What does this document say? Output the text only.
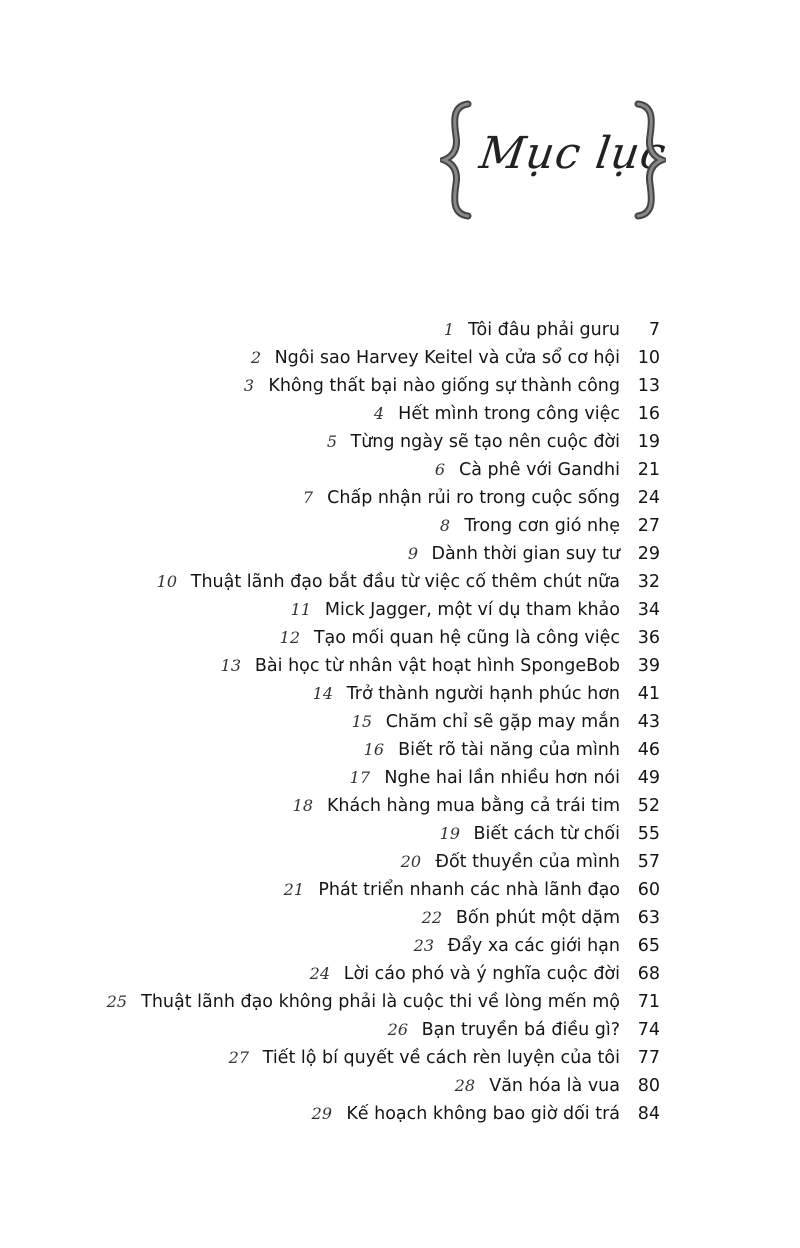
Mục lục
1 Tôi đâu phải guru	7
2 Ngôi sao Harvey Keitel và cửa sổ cơ hội	10
3 Không thất bại nào giống sự thành công	13
4 Hết mình trong công việc	16
5 Từng ngày sẽ tạo nên cuộc đời	19
6 Cà phê với Gandhi	21
7 Chấp nhận rủi ro trong cuộc sống	24
8 Trong cơn gió nhẹ	27
9 Dành thời gian suy tư	29
10 Thuật lãnh đạo bắt đầu từ việc cố thêm chút nữa	32
11 Mick Jagger, một ví dụ tham khảo	34
12 Tạo mối quan hệ cũng là công việc	36
13 Bài học từ nhân vật hoạt hình SpongeBob	39
14 Trở thành người hạnh phúc hơn	41
15 Chăm chỉ sẽ gặp may mắn	43
16 Biết rõ tài năng của mình	46
17 Nghe hai lần nhiều hơn nói	49
18 Khách hàng mua bằng cả trái tim	52
19 Biết cách từ chối	55
20 Đốt thuyền của mình	57
21 Phát triển nhanh các nhà lãnh đạo	60
22 Bốn phút một dặm	63
23 Đẩy xa các giới hạn	65
24 Lời cáo phó và ý nghĩa cuộc đời	68
25 Thuật lãnh đạo không phải là cuộc thi về lòng mến mộ	71
26 Bạn truyền bá điều gì?	74
27 Tiết lộ bí quyết về cách rèn luyện của tôi	77
28 Văn hóa là vua	80
29 Kế hoạch không bao giờ dối trá	84
